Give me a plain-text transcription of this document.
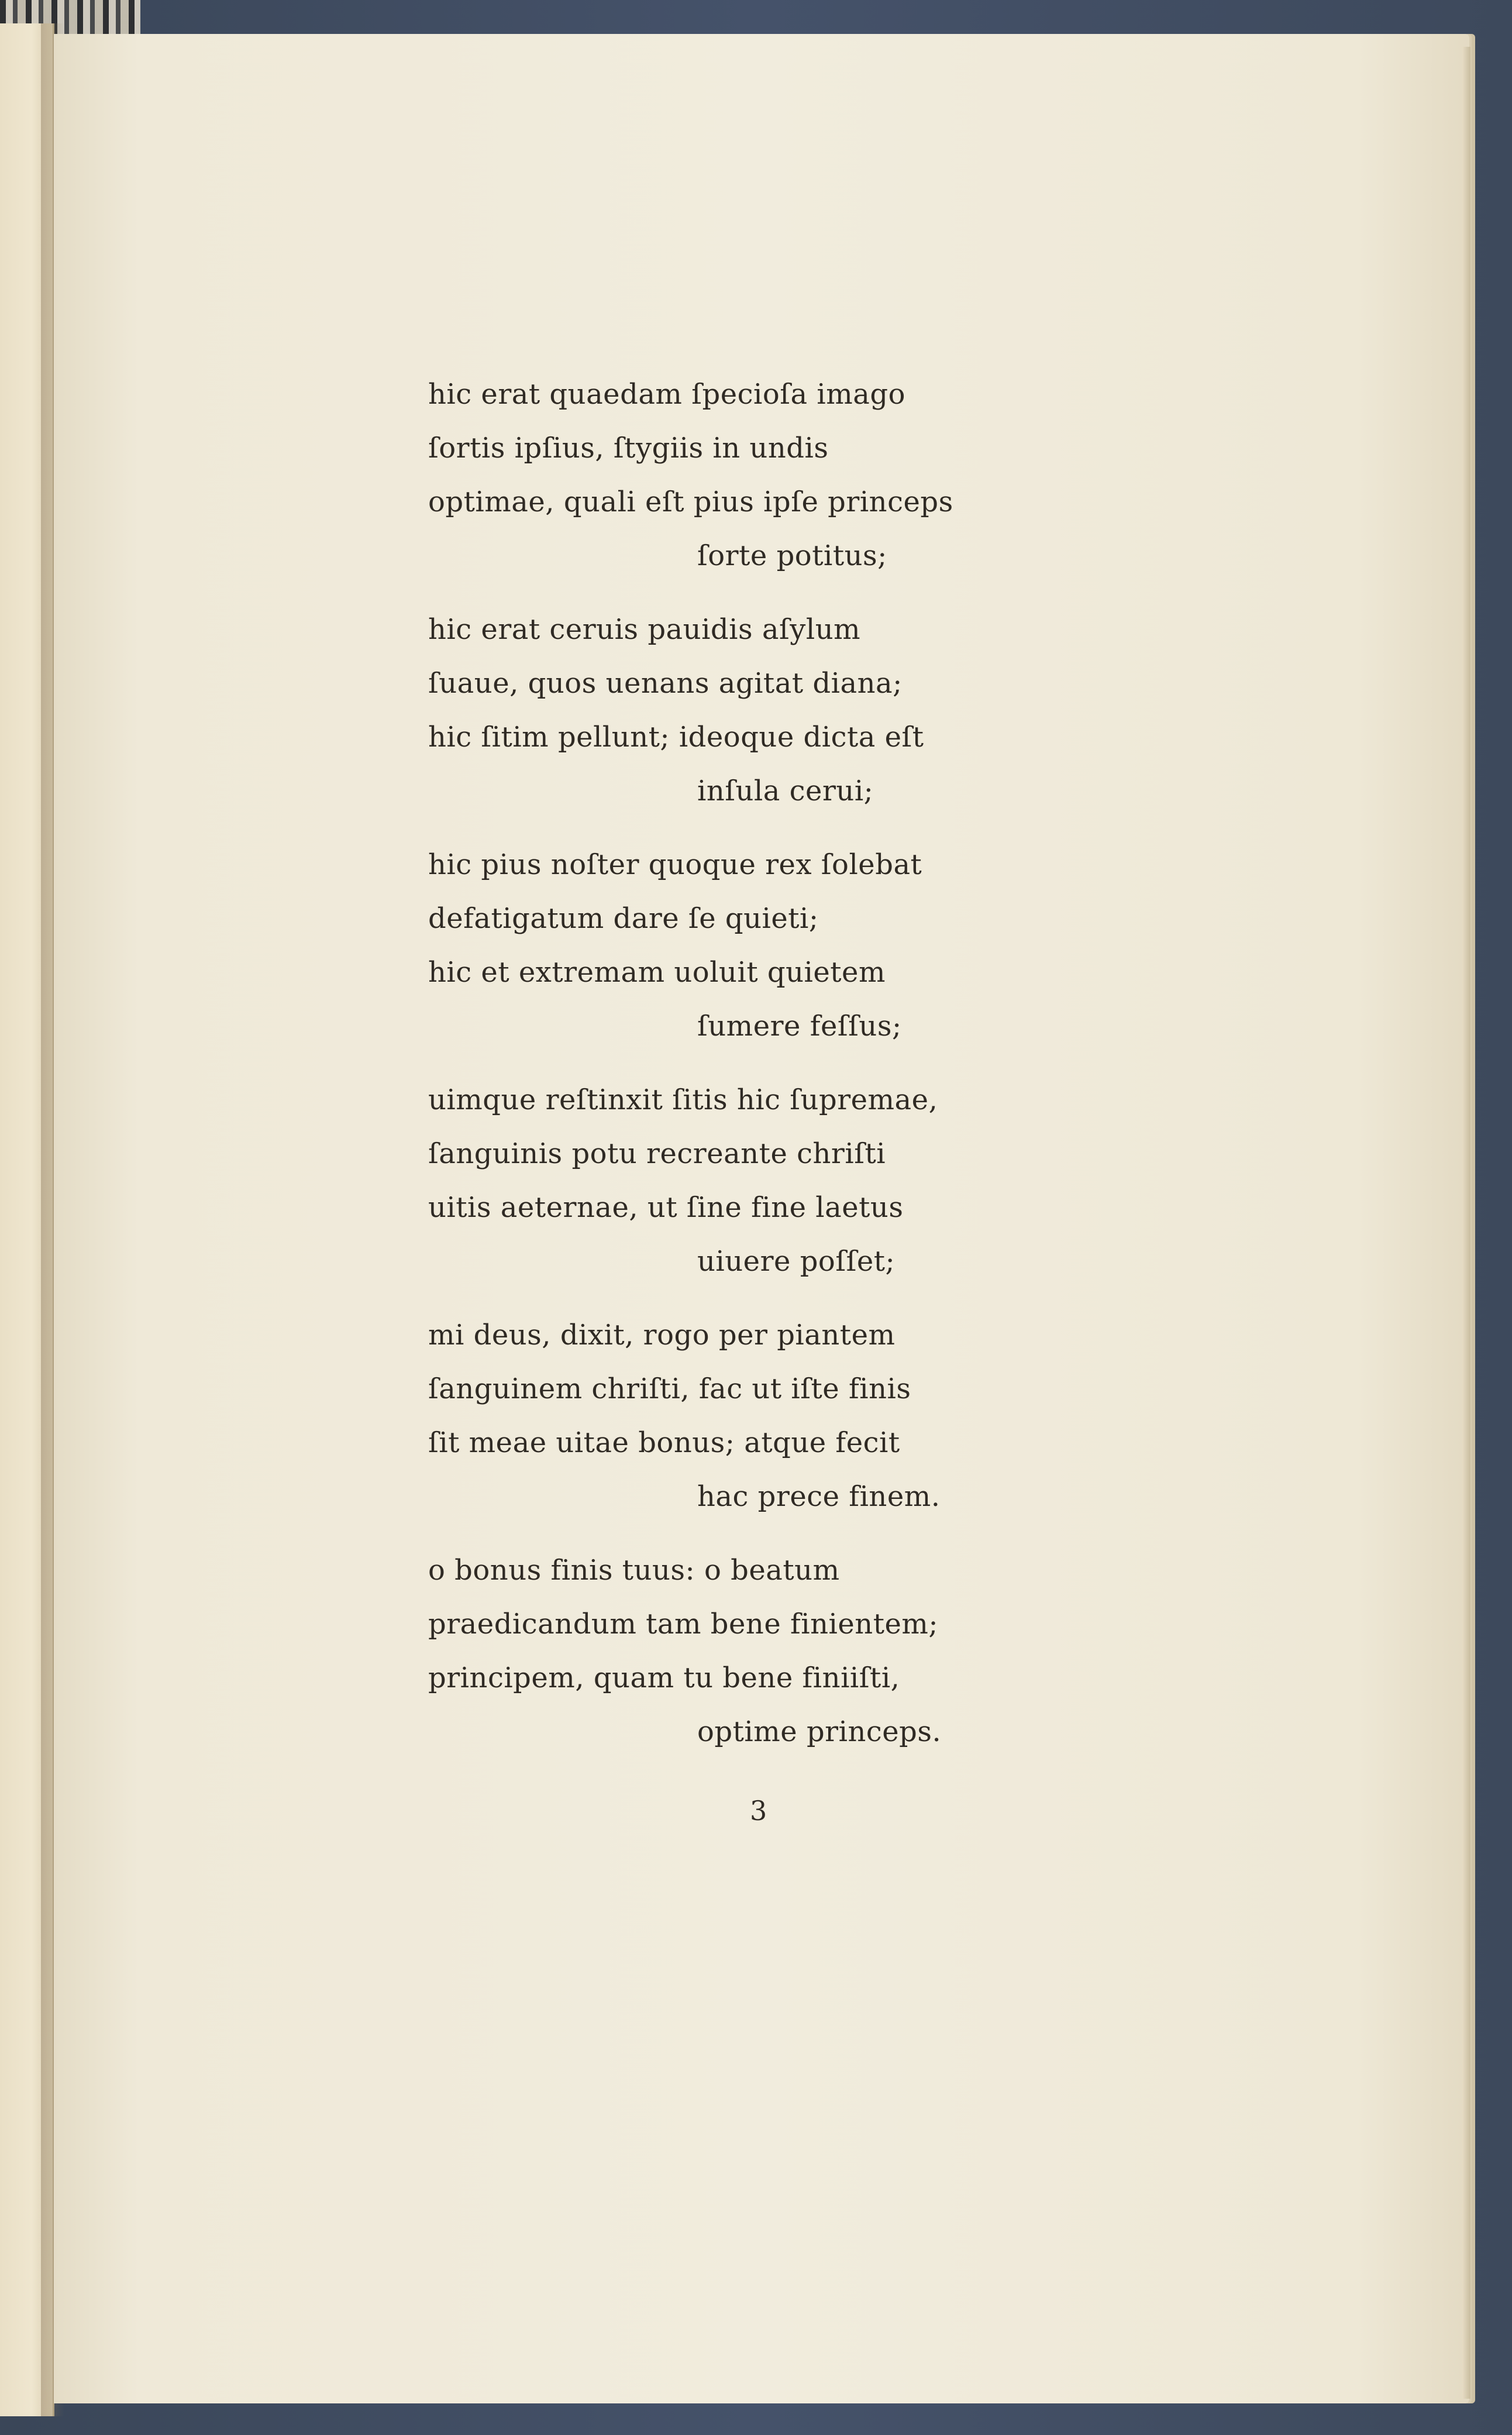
hic erat quaedam ſpecioſa imago
ſortis ipſius, ſtygiis in undis
optimae, quali eſt pius ipſe princeps
ſorte potitus;
hic erat ceruis pauidis aſylum
ſuaue, quos uenans agitat diana;
hic ſitim pellunt; ideoque dicta eſt
inſula cerui;
hic pius noſter quoque rex ſolebat
defatigatum dare ſe quieti;
hic et extremam uoluit quietem
ſumere feſſus;
uimque reſtinxit ſitis hic ſupremae,
ſanguinis potu recreante chriſti
uitis aeternae, ut ſine fine laetus
uiuere poſſet;
mi deus, dixit, rogo per piantem
ſanguinem chriſti, fac ut iſte finis
ſit meae uitae bonus; atque fecit
hac prece finem.
o bonus finis tuus: o beatum
praedicandum tam bene finientem;
principem, quam tu bene finiiſti,
optime princeps.
3
